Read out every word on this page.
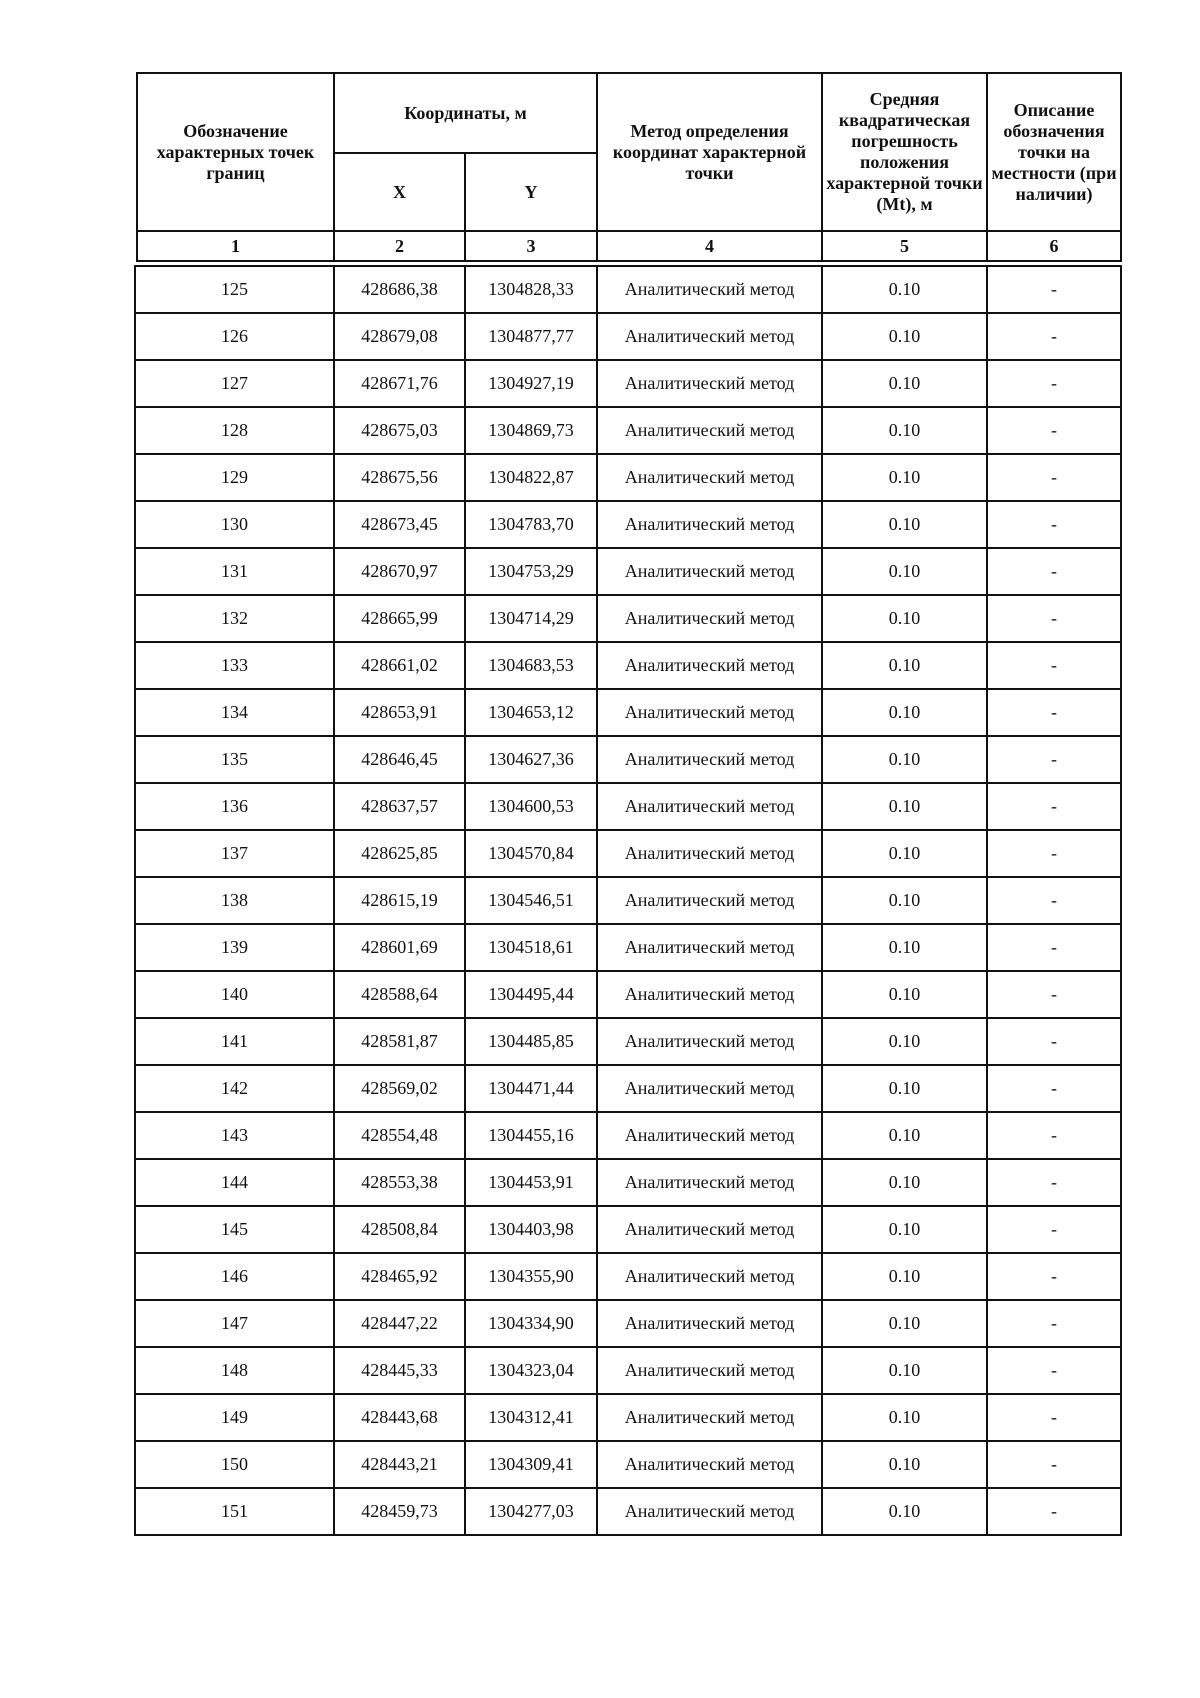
Обозначение характерных точек границ	Координаты, м		Метод определения координат характерной точки	Средняя квадратическая погрешность положения характерной точки (Mt), м	Описание обозначения точки на местности (при наличии)
	X	Y			
1	2	3	4	5	6
125	428686,38	1304828,33	Аналитический метод	0.10	-
126	428679,08	1304877,77	Аналитический метод	0.10	-
127	428671,76	1304927,19	Аналитический метод	0.10	-
128	428675,03	1304869,73	Аналитический метод	0.10	-
129	428675,56	1304822,87	Аналитический метод	0.10	-
130	428673,45	1304783,70	Аналитический метод	0.10	-
131	428670,97	1304753,29	Аналитический метод	0.10	-
132	428665,99	1304714,29	Аналитический метод	0.10	-
133	428661,02	1304683,53	Аналитический метод	0.10	-
134	428653,91	1304653,12	Аналитический метод	0.10	-
135	428646,45	1304627,36	Аналитический метод	0.10	-
136	428637,57	1304600,53	Аналитический метод	0.10	-
137	428625,85	1304570,84	Аналитический метод	0.10	-
138	428615,19	1304546,51	Аналитический метод	0.10	-
139	428601,69	1304518,61	Аналитический метод	0.10	-
140	428588,64	1304495,44	Аналитический метод	0.10	-
141	428581,87	1304485,85	Аналитический метод	0.10	-
142	428569,02	1304471,44	Аналитический метод	0.10	-
143	428554,48	1304455,16	Аналитический метод	0.10	-
144	428553,38	1304453,91	Аналитический метод	0.10	-
145	428508,84	1304403,98	Аналитический метод	0.10	-
146	428465,92	1304355,90	Аналитический метод	0.10	-
147	428447,22	1304334,90	Аналитический метод	0.10	-
148	428445,33	1304323,04	Аналитический метод	0.10	-
149	428443,68	1304312,41	Аналитический метод	0.10	-
150	428443,21	1304309,41	Аналитический метод	0.10	-
151	428459,73	1304277,03	Аналитический метод	0.10	-
